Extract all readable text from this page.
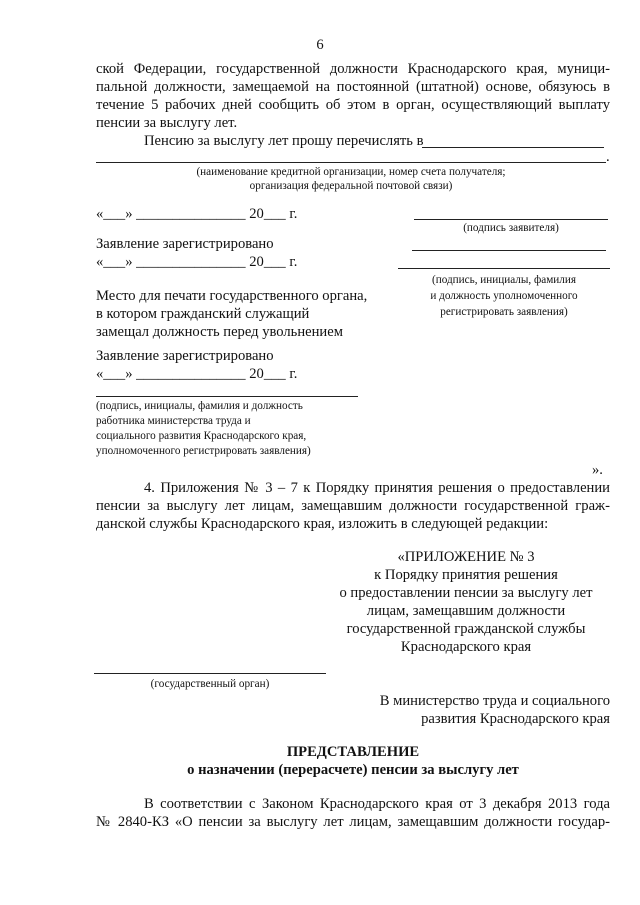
6
ской Федерации, государственной должности Краснодарского края, муници-
пальной должности, замещаемой на постоянной (штатной) основе, обязуюсь в
течение 5 рабочих дней сообщить об этом в орган, осуществляющий выплату
пенсии за выслугу лет.
Пенсию за выслугу лет прошу перечислять в
.
(наименование кредитной организации, номер счета получателя;
организация федеральной почтовой связи)
«___» _______________ 20___ г.
(подпись заявителя)
Заявление зарегистрировано
«___» _______________ 20___ г.
(подпись, инициалы, фамилия
и должность уполномоченного
регистрировать заявления)
Место для печати государственного органа,
в котором гражданский служащий
замещал должность перед увольнением
Заявление зарегистрировано
«___» _______________ 20___ г.
(подпись, инициалы, фамилия и должность
работника министерства труда и
социального развития Краснодарского края,
уполномоченного регистрировать заявления)
».
4. Приложения № 3 – 7 к Порядку принятия решения о предоставлении
пенсии за выслугу лет лицам, замещавшим должности государственной граж-
данской службы Краснодарского края, изложить в следующей редакции:
«ПРИЛОЖЕНИЕ № 3
к Порядку принятия решения
о предоставлении пенсии за выслугу лет
лицам, замещавшим должности
государственной гражданской службы
Краснодарского края
(государственный орган)
В министерство труда и социального
развития Краснодарского края
ПРЕДСТАВЛЕНИЕ
о назначении (перерасчете) пенсии за выслугу лет
В соответствии с Законом Краснодарского края от 3 декабря 2013 года
№ 2840-КЗ «О пенсии за выслугу лет лицам, замещавшим должности государ-
